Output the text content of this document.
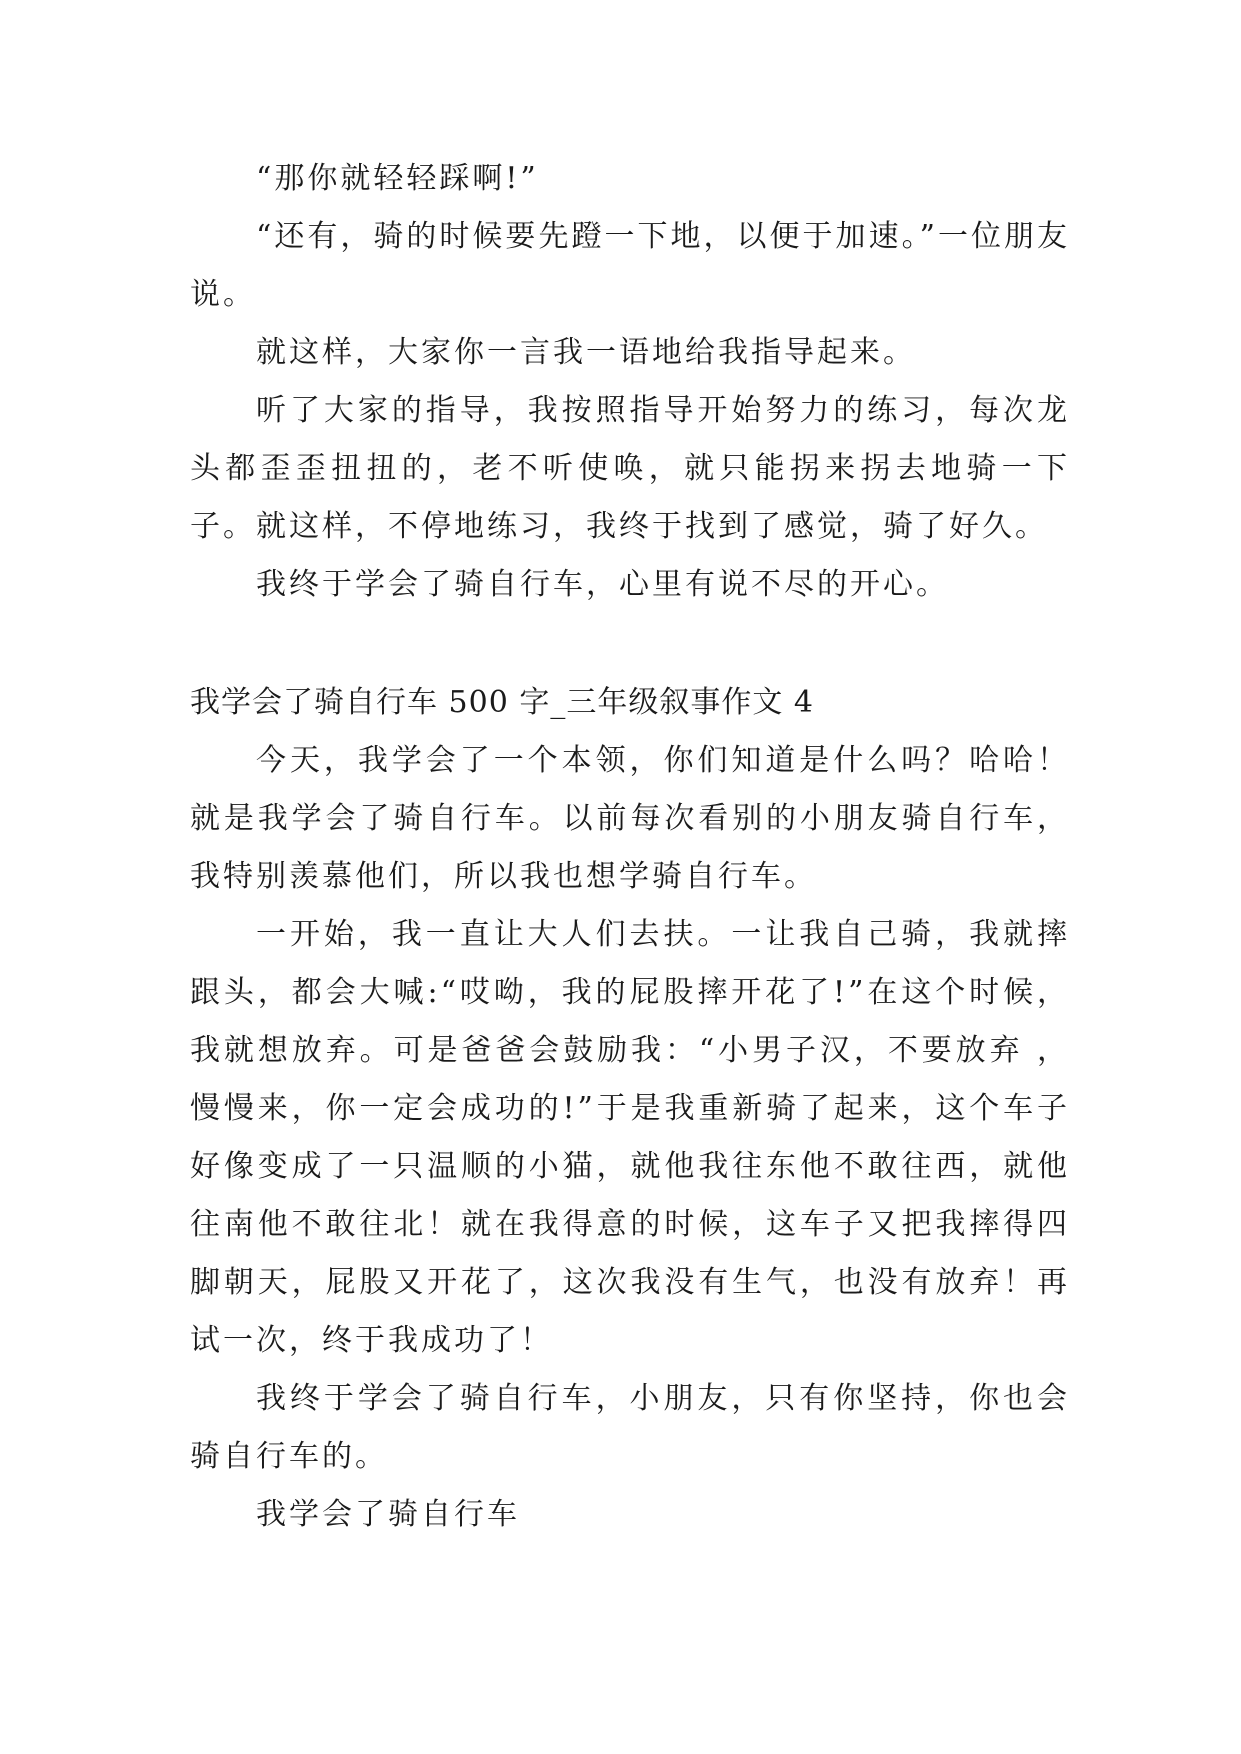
“那你就轻轻踩啊!”

“还有，骑的时候要先蹬一下地，以便于加速。”一位朋友说。

就这样，大家你一言我一语地给我指导起来。

听了大家的指导，我按照指导开始努力的练习，每次龙头都歪歪扭扭的，老不听使唤，就只能拐来拐去地骑一下子。就这样，不停地练习，我终于找到了感觉，骑了好久。

我终于学会了骑自行车，心里有说不尽的开心。

我学会了骑自行车 500 字_三年级叙事作文 4

今天，我学会了一个本领，你们知道是什么吗？哈哈！就是我学会了骑自行车。以前每次看别的小朋友骑自行车，我特别羡慕他们，所以我也想学骑自行车。

一开始，我一直让大人们去扶。一让我自己骑，我就摔跟头，都会大喊:“哎呦，我的屁股摔开花了!”在这个时候，我就想放弃。可是爸爸会鼓励我：“小男子汉，不要放弃 ，慢慢来，你一定会成功的!”于是我重新骑了起来，这个车子好像变成了一只温顺的小猫，就他我往东他不敢往西，就他往南他不敢往北！就在我得意的时候，这车子又把我摔得四脚朝天，屁股又开花了，这次我没有生气，也没有放弃！再试一次，终于我成功了！

我终于学会了骑自行车，小朋友，只有你坚持，你也会骑自行车的。

我学会了骑自行车
